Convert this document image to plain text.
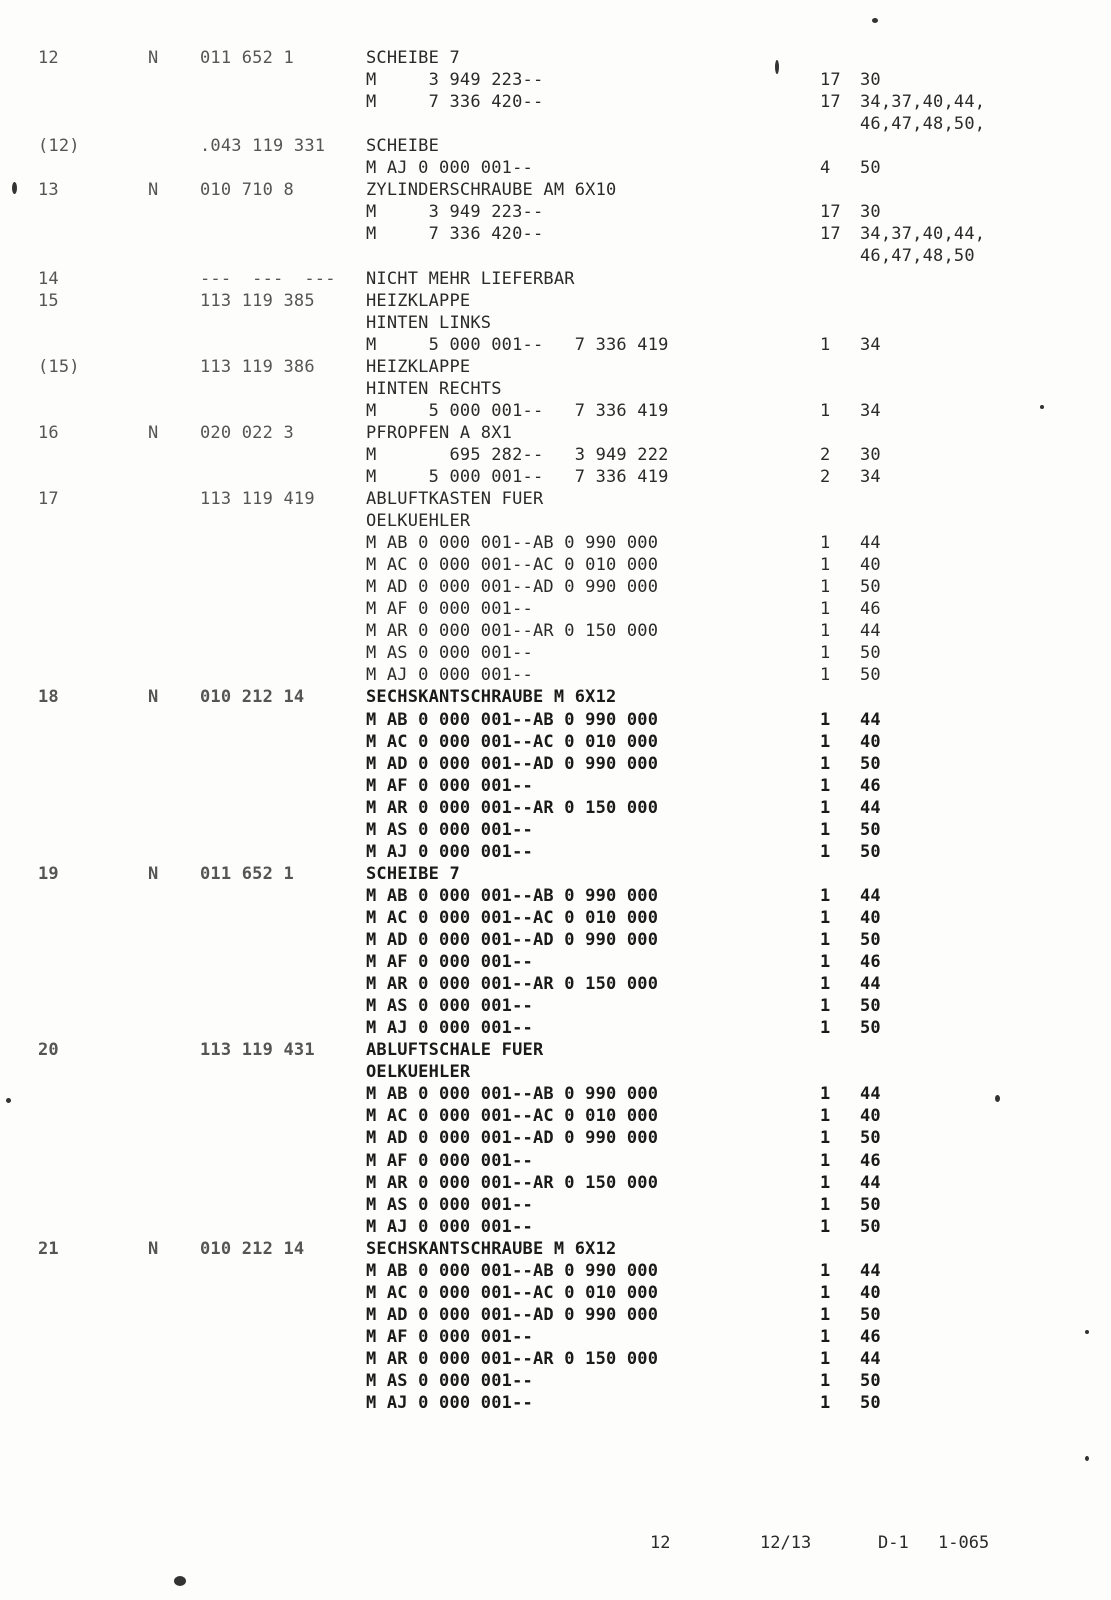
12	N	011 652 1	SCHEIBE 7
M     3 949 223--	17	30
M     7 336 420--	17	34,37,40,44,
46,47,48,50,
(12)	.043 119 331	SCHEIBE
M AJ 0 000 001--	4	50
13	N	010 710 8	ZYLINDERSCHRAUBE AM 6X10
M     3 949 223--	17	30
M     7 336 420--	17	34,37,40,44,
46,47,48,50
14	---  ---  ---	NICHT MEHR LIEFERBAR
15	113 119 385	HEIZKLAPPE
HINTEN LINKS
M     5 000 001--   7 336 419	1	34
(15)	113 119 386	HEIZKLAPPE
HINTEN RECHTS
M     5 000 001--   7 336 419	1	34
16	N	020 022 3	PFROPFEN A 8X1
M       695 282--   3 949 222	2	30
M     5 000 001--   7 336 419	2	34
17	113 119 419	ABLUFTKASTEN FUER
OELKUEHLER
M AB 0 000 001--AB 0 990 000	1	44
M AC 0 000 001--AC 0 010 000	1	40
M AD 0 000 001--AD 0 990 000	1	50
M AF 0 000 001--	1	46
M AR 0 000 001--AR 0 150 000	1	44
M AS 0 000 001--	1	50
M AJ 0 000 001--	1	50
18	N	010 212 14	SECHSKANTSCHRAUBE M 6X12
M AB 0 000 001--AB 0 990 000	1	44
M AC 0 000 001--AC 0 010 000	1	40
M AD 0 000 001--AD 0 990 000	1	50
M AF 0 000 001--	1	46
M AR 0 000 001--AR 0 150 000	1	44
M AS 0 000 001--	1	50
M AJ 0 000 001--	1	50
19	N	011 652 1	SCHEIBE 7
M AB 0 000 001--AB 0 990 000	1	44
M AC 0 000 001--AC 0 010 000	1	40
M AD 0 000 001--AD 0 990 000	1	50
M AF 0 000 001--	1	46
M AR 0 000 001--AR 0 150 000	1	44
M AS 0 000 001--	1	50
M AJ 0 000 001--	1	50
20	113 119 431	ABLUFTSCHALE FUER
OELKUEHLER
M AB 0 000 001--AB 0 990 000	1	44
M AC 0 000 001--AC 0 010 000	1	40
M AD 0 000 001--AD 0 990 000	1	50
M AF 0 000 001--	1	46
M AR 0 000 001--AR 0 150 000	1	44
M AS 0 000 001--	1	50
M AJ 0 000 001--	1	50
21	N	010 212 14	SECHSKANTSCHRAUBE M 6X12
M AB 0 000 001--AB 0 990 000	1	44
M AC 0 000 001--AC 0 010 000	1	40
M AD 0 000 001--AD 0 990 000	1	50
M AF 0 000 001--	1	46
M AR 0 000 001--AR 0 150 000	1	44
M AS 0 000 001--	1	50
M AJ 0 000 001--	1	50
12	12/13	D-1 1-065
